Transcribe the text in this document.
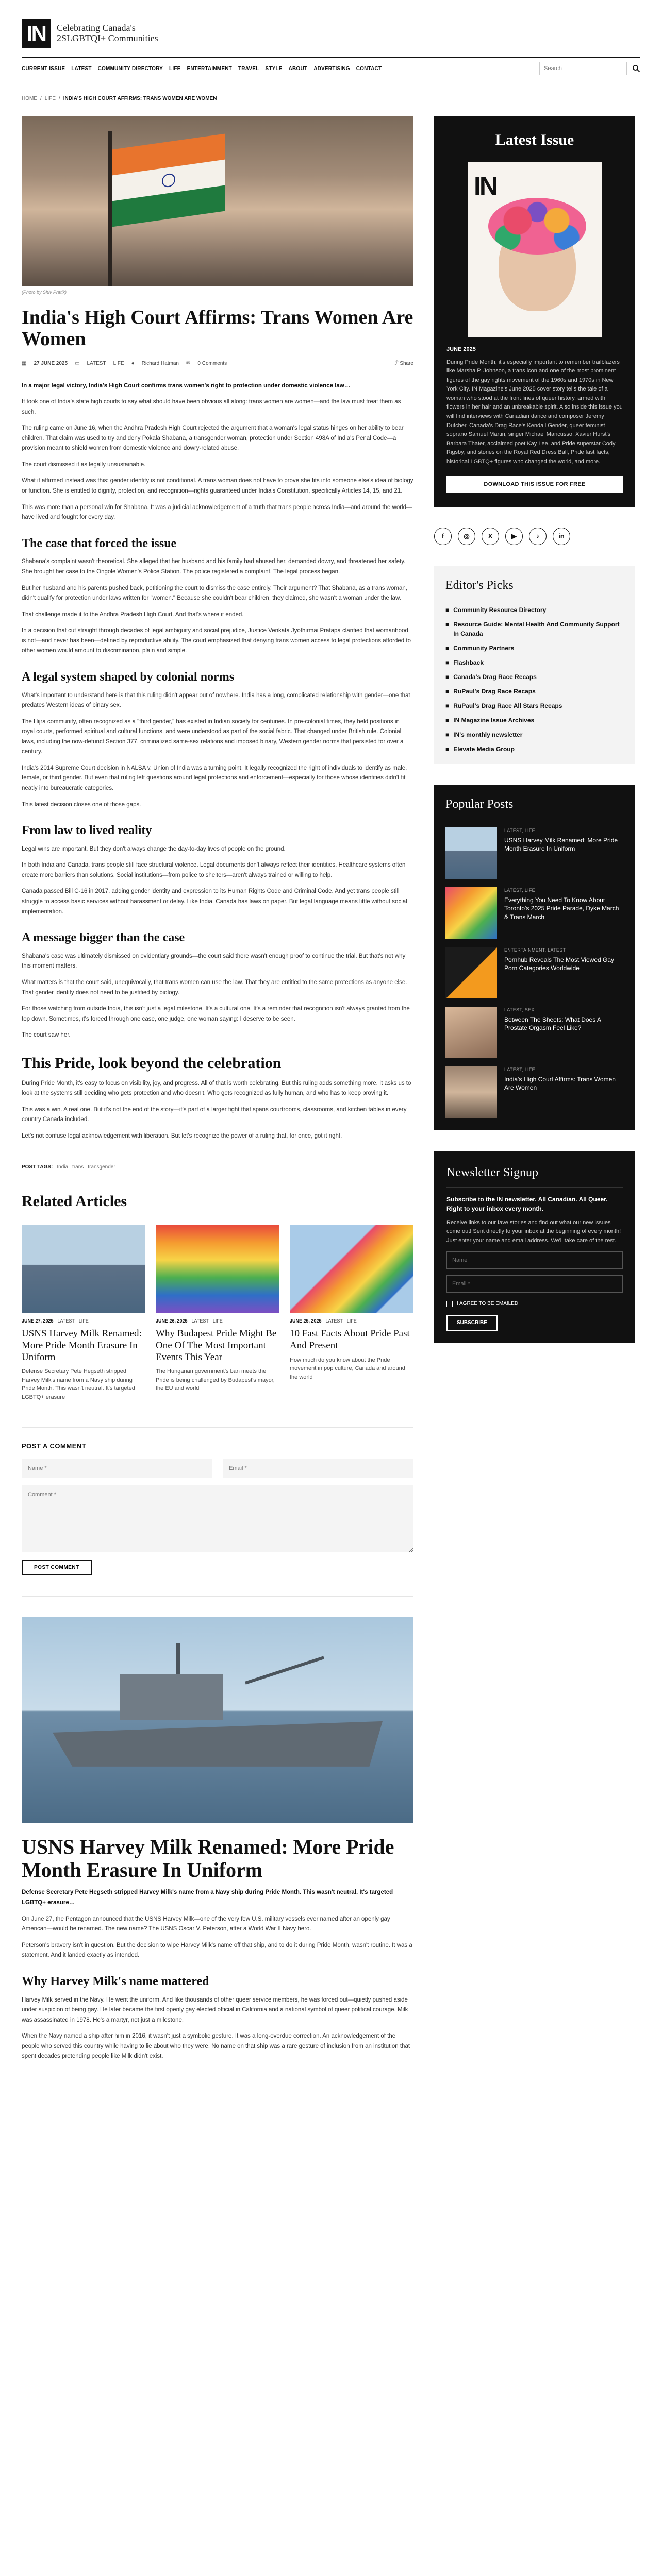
IN	Celebrating Canada's 2SLGBTQI+ Communities
CURRENT ISSUE LATEST COMMUNITY DIRECTORY LIFE ENTERTAINMENT TRAVEL STYLE ABOUT ADVERTISING CONTACT
Search
HOME / LIFE / INDIA'S HIGH COURT AFFIRMS: TRANS WOMEN ARE WOMEN
(Photo by Shiv Pratik)
India's High Court Affirms: Trans Women Are Women
▦ 27 JUNE 2025 ▭ LATEST LIFE ● Richard Hatman ✉ 0 Comments	⤴ Share

In a major legal victory, India's High Court confirms trans women's right to protection under domestic violence law…

It took one of India's state high courts to say what should have been obvious all along: trans women are women—and the law must treat them as such.

The ruling came on June 16, when the Andhra Pradesh High Court rejected the argument that a woman's legal status hinges on her ability to bear children. That claim was used to try and deny Pokala Shabana, a transgender woman, protection under Section 498A of India's Penal Code—a provision meant to shield women from domestic violence and dowry-related abuse.

The court dismissed it as legally unsustainable.

What it affirmed instead was this: gender identity is not conditional. A trans woman does not have to prove she fits into someone else's idea of biology or function. She is entitled to dignity, protection, and recognition—rights guaranteed under India's Constitution, specifically Articles 14, 15, and 21.

This was more than a personal win for Shabana. It was a judicial acknowledgement of a truth that trans people across India—and around the world—have lived and fought for every day.

The case that forced the issue

Shabana's complaint wasn't theoretical. She alleged that her husband and his family had abused her, demanded dowry, and threatened her safety. She brought her case to the Ongole Women's Police Station. The police registered a complaint. The legal process began.

But her husband and his parents pushed back, petitioning the court to dismiss the case entirely. Their argument? That Shabana, as a trans woman, didn't qualify for protection under laws written for "women." Because she couldn't bear children, they claimed, she wasn't a woman under the law.

That challenge made it to the Andhra Pradesh High Court. And that's where it ended.

In a decision that cut straight through decades of legal ambiguity and social prejudice, Justice Venkata Jyothirmai Pratapa clarified that womanhood is not—and never has been—defined by reproductive ability. The court emphasized that denying trans women access to legal protections afforded to other women would amount to discrimination, plain and simple.

A legal system shaped by colonial norms

What's important to understand here is that this ruling didn't appear out of nowhere. India has a long, complicated relationship with gender—one that predates Western ideas of binary sex.

The Hijra community, often recognized as a "third gender," has existed in Indian society for centuries. In pre-colonial times, they held positions in royal courts, performed spiritual and cultural functions, and were understood as part of the social fabric. That changed under British rule. Colonial laws, including the now-defunct Section 377, criminalized same-sex relations and imposed binary, Western gender norms that persisted for over a century.

India's 2014 Supreme Court decision in NALSA v. Union of India was a turning point. It legally recognized the right of individuals to identify as male, female, or third gender. But even that ruling left questions around legal protections and enforcement—especially for those whose identities didn't fit neatly into bureaucratic categories.

This latest decision closes one of those gaps.

From law to lived reality

Legal wins are important. But they don't always change the day-to-day lives of people on the ground.

In both India and Canada, trans people still face structural violence. Legal documents don't always reflect their identities. Healthcare systems often create more barriers than solutions. Social institutions—from police to shelters—aren't always trained or willing to help.

Canada passed Bill C-16 in 2017, adding gender identity and expression to its Human Rights Code and Criminal Code. And yet trans people still struggle to access basic services without harassment or delay. Like India, Canada has laws on paper. But legal language means little without social implementation.

A message bigger than the case

Shabana's case was ultimately dismissed on evidentiary grounds—the court said there wasn't enough proof to continue the trial. But that's not why this moment matters.

What matters is that the court said, unequivocally, that trans women can use the law. That they are entitled to the same protections as anyone else. That gender identity does not need to be justified by biology.

For those watching from outside India, this isn't just a legal milestone. It's a cultural one. It's a reminder that recognition isn't always granted from the top down. Sometimes, it's forced through one case, one judge, one woman saying: I deserve to be seen.

The court saw her.

This Pride, look beyond the celebration

During Pride Month, it's easy to focus on visibility, joy, and progress. All of that is worth celebrating. But this ruling adds something more. It asks us to look at the systems still deciding who gets protection and who doesn't. Who gets recognized as fully human, and who has to keep proving it.

This was a win. A real one. But it's not the end of the story—it's part of a larger fight that spans courtrooms, classrooms, and kitchen tables in every country Canada included.

Let's not confuse legal acknowledgement with liberation. But let's recognize the power of a ruling that, for once, got it right.

POST TAGS: India trans transgender
Related Articles
JUNE 27, 2025 · LATEST · LIFE
USNS Harvey Milk Renamed: More Pride Month Erasure In Uniform
Defense Secretary Pete Hegseth stripped Harvey Milk's name from a Navy ship during Pride Month. This wasn't neutral. It's targeted LGBTQ+ erasure
JUNE 26, 2025 · LATEST · LIFE
Why Budapest Pride Might Be One Of The Most Important Events This Year
The Hungarian government's ban meets the Pride is being challenged by Budapest's mayor, the EU and world
JUNE 25, 2025 · LATEST · LIFE
10 Fast Facts About Pride Past And Present
How much do you know about the Pride movement in pop culture, Canada and around the world
POST A COMMENT
Name *
Email *
Comment * POST COMMENT
USNS Harvey Milk Renamed: More Pride Month Erasure In Uniform

Defense Secretary Pete Hegseth stripped Harvey Milk's name from a Navy ship during Pride Month. This wasn't neutral. It's targeted LGBTQ+ erasure…

On June 27, the Pentagon announced that the USNS Harvey Milk—one of the very few U.S. military vessels ever named after an openly gay American—would be renamed. The new name? The USNS Oscar V. Peterson, after a World War II Navy hero.

Peterson's bravery isn't in question. But the decision to wipe Harvey Milk's name off that ship, and to do it during Pride Month, wasn't routine. It was a statement. And it landed exactly as intended.

Why Harvey Milk's name mattered

Harvey Milk served in the Navy. He went the uniform. And like thousands of other queer service members, he was forced out—quietly pushed aside under suspicion of being gay. He later became the first openly gay elected official in California and a national symbol of queer political courage. Milk was assassinated in 1978. He's a martyr, not just a milestone.

When the Navy named a ship after him in 2016, it wasn't just a symbolic gesture. It was a long-overdue correction. An acknowledgement of the people who served this country while having to lie about who they were. No name on that ship was a rare gesture of inclusion from an institution that spent decades pretending people like Milk didn't exist.

Latest Issue
IN
JUNE 2025
During Pride Month, it's especially important to remember trailblazers like Marsha P. Johnson, a trans icon and one of the most prominent figures of the gay rights movement of the 1960s and 1970s in New York City. IN Magazine's June 2025 cover story tells the tale of a woman who stood at the front lines of queer history, armed with flowers in her hair and an unbreakable spirit. Also inside this issue you will find interviews with Canadian dance and composer Jeremy Dutcher, Canada's Drag Race's Kendall Gender, queer feminist soprano Samuel Martin, singer Michael Mancusso, Xavier Hurst's Barbara Thater, acclaimed poet Kay Lee, and Pride superstar Cody Rigsby; and stories on the Royal Red Dress Ball, Pride fast facts, historical LGBTQ+ figures who changed the world, and more.
DOWNLOAD THIS ISSUE FOR FREE
f	◎	X	▶	♪	in
Editor's Picks
■ Community Resource Directory
■ Resource Guide: Mental Health And Community Support In Canada
■ Community Partners
■ Flashback
■ Canada's Drag Race Recaps
■ RuPaul's Drag Race Recaps
■ RuPaul's Drag Race All Stars Recaps
■ IN Magazine Issue Archives
■ IN's monthly newsletter
■ Elevate Media Group
Popular Posts
LATEST, LIFE
USNS Harvey Milk Renamed: More Pride Month Erasure In Uniform
LATEST, LIFE
Everything You Need To Know About Toronto's 2025 Pride Parade, Dyke March & Trans March
ENTERTAINMENT, LATEST
Pornhub Reveals The Most Viewed Gay Porn Categories Worldwide
LATEST, SEX
Between The Sheets: What Does A Prostate Orgasm Feel Like?
LATEST, LIFE
India's High Court Affirms: Trans Women Are Women
Newsletter Signup
Subscribe to the IN newsletter. All Canadian. All Queer. Right to your inbox every month.
Receive links to our fave stories and find out what our new issues come out! Sent directly to your inbox at the beginning of every month! Just enter your name and email address. We'll take care of the rest.
Name
Email *
I AGREE TO BE EMAILED
SUBSCRIBE
